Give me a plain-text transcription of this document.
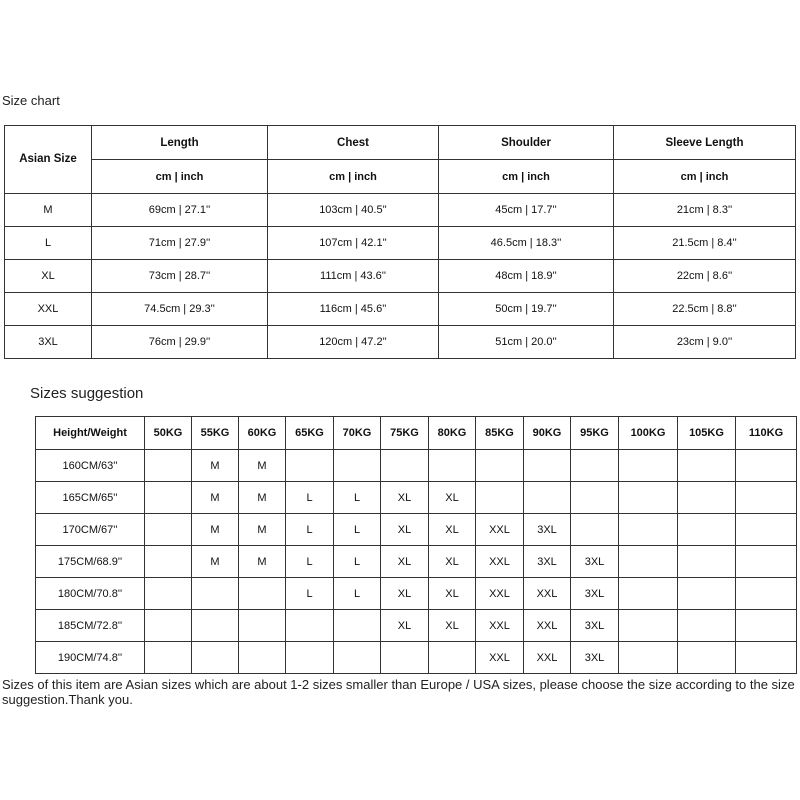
Size chart

Asian Size	Length	Chest	Shoulder	Sleeve Length
	cm | inch	cm | inch	cm | inch	cm | inch
M	69cm | 27.1''	103cm | 40.5''	45cm | 17.7''	21cm | 8.3''
L	71cm | 27.9''	107cm | 42.1''	46.5cm | 18.3''	21.5cm | 8.4''
XL	73cm | 28.7''	111cm | 43.6''	48cm | 18.9''	22cm | 8.6''
XXL	74.5cm | 29.3''	116cm | 45.6''	50cm | 19.7''	22.5cm | 8.8''
3XL	76cm | 29.9''	120cm | 47.2''	51cm | 20.0''	23cm | 9.0''

Sizes suggestion

Height/Weight	50KG	55KG	60KG	65KG	70KG	75KG	80KG	85KG	90KG	95KG	100KG	105KG	110KG
160CM/63''		M	M										
165CM/65''		M	M	L	L	XL	XL						
170CM/67''		M	M	L	L	XL	XL	XXL	3XL				
175CM/68.9''		M	M	L	L	XL	XL	XXL	3XL	3XL			
180CM/70.8''				L	L	XL	XL	XXL	XXL	3XL			
185CM/72.8''						XL	XL	XXL	XXL	3XL			
190CM/74.8''								XXL	XXL	3XL			

Sizes of this item are Asian sizes which are about 1-2 sizes smaller than Europe / USA sizes, please choose the size according to the size suggestion.Thank you.
